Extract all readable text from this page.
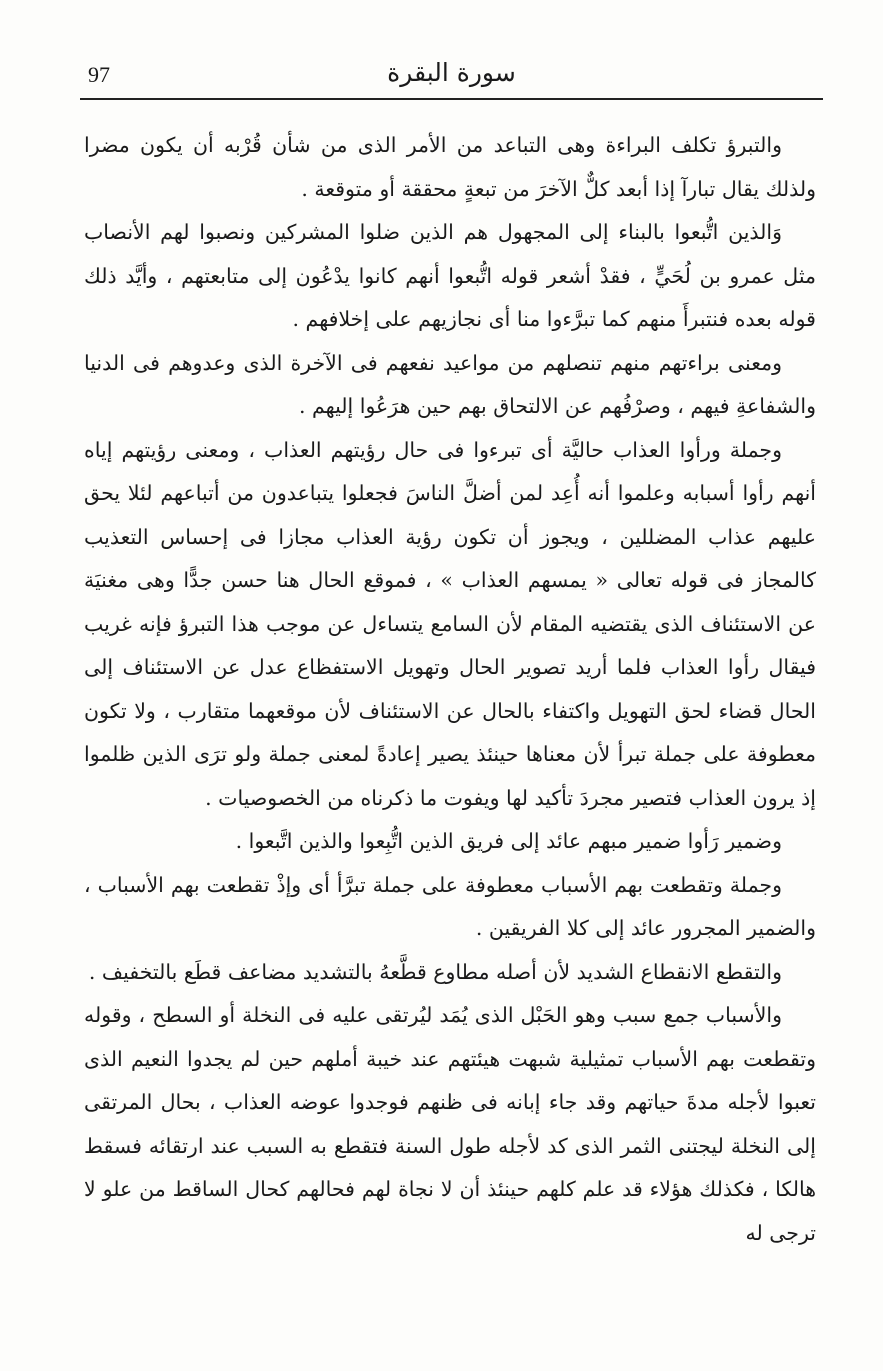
97	سورة البقرة

والتبرؤ تكلف البراءة وهى التباعد من الأمر الذى من شأن قُرْبه أن يكون مضرا ولذلك يقال تبارآ إذا أبعد كلٌّ الآخرَ من تبعةٍ محققة أو متوقعة .

وَالذين اتُّبعوا بالبناء إلى المجهول هم الذين ضلوا المشركين ونصبوا لهم الأنصاب مثل عمرو بن لُحَيٍّ ، فقدْ أشعر قوله اتُّبعوا أنهم كانوا يدْعُون إلى متابعتهم ، وأيَّد ذلك قوله بعده فنتبرأَ منهم كما تبرَّءوا منا أى نجازيهم على إخلافهم .

ومعنى براءتهم منهم تنصلهم من مواعيد نفعهم فى الآخرة الذى وعدوهم فى الدنيا والشفاعةِ فيهم ، وصرْفُهم عن الالتحاق بهم حين هرَعُوا إليهم .

وجملة ورأوا العذاب حاليَّة أى تبرءوا فى حال رؤيتهم العذاب ، ومعنى رؤيتهم إياه أنهم رأوا أسبابه وعلموا أنه أُعِد لمن أضلَّ الناسَ فجعلوا يتباعدون من أتباعهم لئلا يحق عليهم عذاب المضللين ، ويجوز أن تكون رؤية العذاب مجازا فى إحساس التعذيب كالمجاز فى قوله تعالى « يمسهم العذاب » ، فموقع الحال هنا حسن جدًّا وهى مغنيَة عن الاستئناف الذى يقتضيه المقام لأن السامع يتساءل عن موجب هذا التبرؤ فإنه غريب فيقال رأوا العذاب فلما أريد تصوير الحال وتهويل الاستفظاع عدل عن الاستئناف إلى الحال قضاء لحق التهويل واكتفاء بالحال عن الاستئناف لأن موقعهما متقارب ، ولا تكون معطوفة على جملة تبرأ لأن معناها حينئذ يصير إعادةً لمعنى جملة ولو ترَى الذين ظلموا إذ يرون العذاب فتصير مجردَ تأكيد لها ويفوت ما ذكرناه من الخصوصيات .

وضمير رَأوا ضمير مبهم عائد إلى فريق الذين اتُّبِعوا والذين اتَّبعوا .

وجملة وتقطعت بهم الأسباب معطوفة على جملة تبرَّأ أى وإذْ تقطعت بهم الأسباب ، والضمير المجرور عائد إلى كلا الفريقين .

والتقطع الانقطاع الشديد لأن أصله مطاوع قطَّعهُ بالتشديد مضاعف قطَع بالتخفيف .

والأسباب جمع سبب وهو الحَبْل الذى يُمَد ليُرتقى عليه فى النخلة أو السطح ، وقوله وتقطعت بهم الأسباب تمثيلية شبهت هيئتهم عند خيبة أملهم حين لم يجدوا النعيم الذى تعبوا لأجله مدةَ حياتهم وقد جاء إبانه فى ظنهم فوجدوا عوضه العذاب ، بحال المرتقى إلى النخلة ليجتنى الثمر الذى كد لأجله طول السنة فتقطع به السبب عند ارتقائه فسقط هالكا ، فكذلك هؤلاء قد علم كلهم حينئذ أن لا نجاة لهم فحالهم كحال الساقط من علو لا ترجى له
